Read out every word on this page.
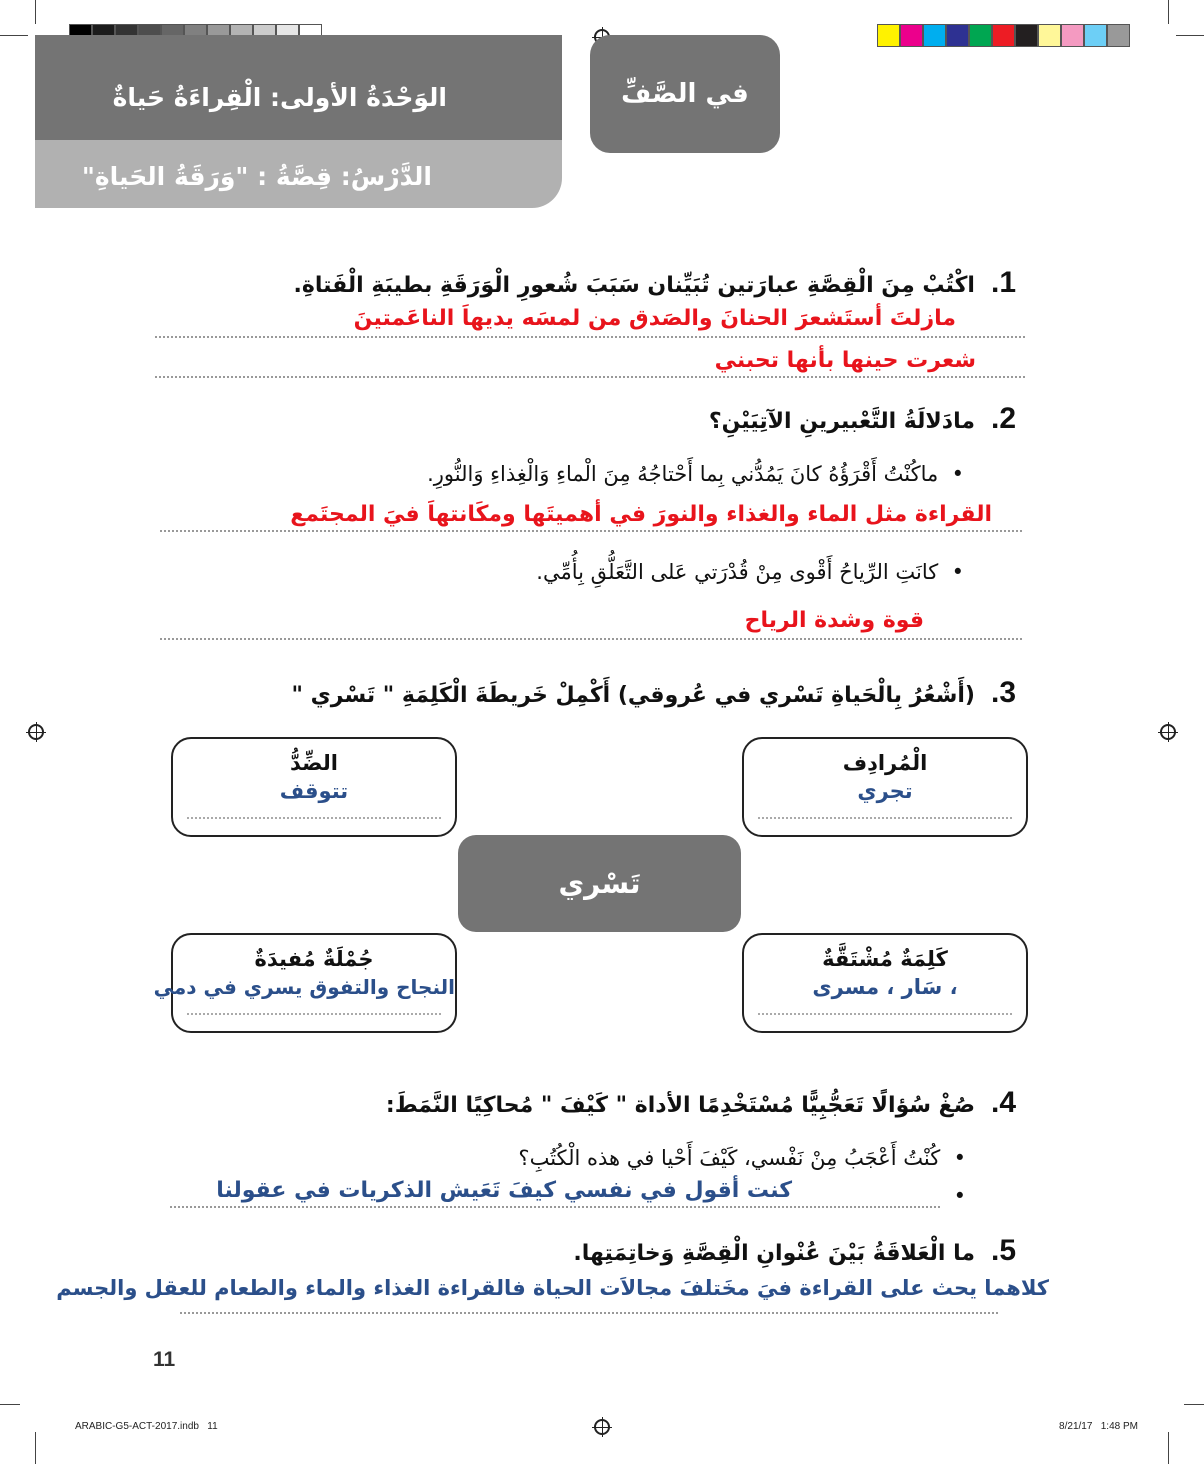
الوَحْدَةُ الأولى: الْقِراءَةُ حَياةٌ
الدَّرْسُ: قِصَّةُ : "وَرَقَةُ الحَياةِ"
في الصَّفِّ
1.اكْتُبْ مِنَ الْقِصَّةِ عبارَتين تُبَيِّنان سَبَبَ شُعورِ الْوَرَقَةِ بطيبَةِ الْفَتاةِ.
مازلتَ أستَشعرَ الحنانَ والصَدق من لمسَه يديهاَ الناعَمتينَ
شعرت حينها بأنها تحبني
2.مادَلالَةُ التَّعْبيرينِ الآتِيَيْنِ؟
•  ماكُنْتُ أَقْرَؤُهُ كانَ يَمُدُّني بِما أَحْتاجُهُ مِنَ الْماءِ وَالْغِذاءِ وَالنُّورِ.
القراءة مثل الماء والغذاء والنورَ في أهميتَها ومكَانتهاَ فيَ المجتَمع
•  كانَتِ الرِّياحُ أَقْوى مِنْ قُدْرَتي عَلى التَّعَلُّقِ بِأُمِّي.
قوة وشدة الرياح
3.(أَشْعُرُ بِالْحَياةِ تَسْري في عُروقي) أَكْمِلْ خَريطَةَ الْكَلِمَةِ " تَسْري "
الْمُرادِف
تجري
الضِّدُّ
تتوقف
تَسْري
كَلِمَةٌ مُشْتَقَّةٌ
، سَار ، مسرى
جُمْلَةٌ مُفيدَةٌ
النجاح والتفوق يسري في دمي
4.صُغْ سُؤالًا تَعَجُّبِيًّا مُسْتَخْدِمًا الأداة " كَيْفَ " مُحاكِيًا النَّمَطَ:
•  كُنْتُ أَعْجَبُ مِنْ نَفْسي، كَيْفَ أَحْيا في هذه الْكُتُبِ؟
•
كنت أقول في نفسي كيفَ تَعَيش الذكريات في عقولنا
5.ما الْعَلاقَةُ بَيْنَ عُنْوانِ الْقِصَّةِ وَخاتِمَتِها.
كلاهما يحث على القراءة فيَ مخَتلفَ مجالاَت الحياة فالقراءة الغذاء والماء والطعام للعقل والجسم
11
ARABIC-G5-ACT-2017.indb   11	8/21/17   1:48 PM
